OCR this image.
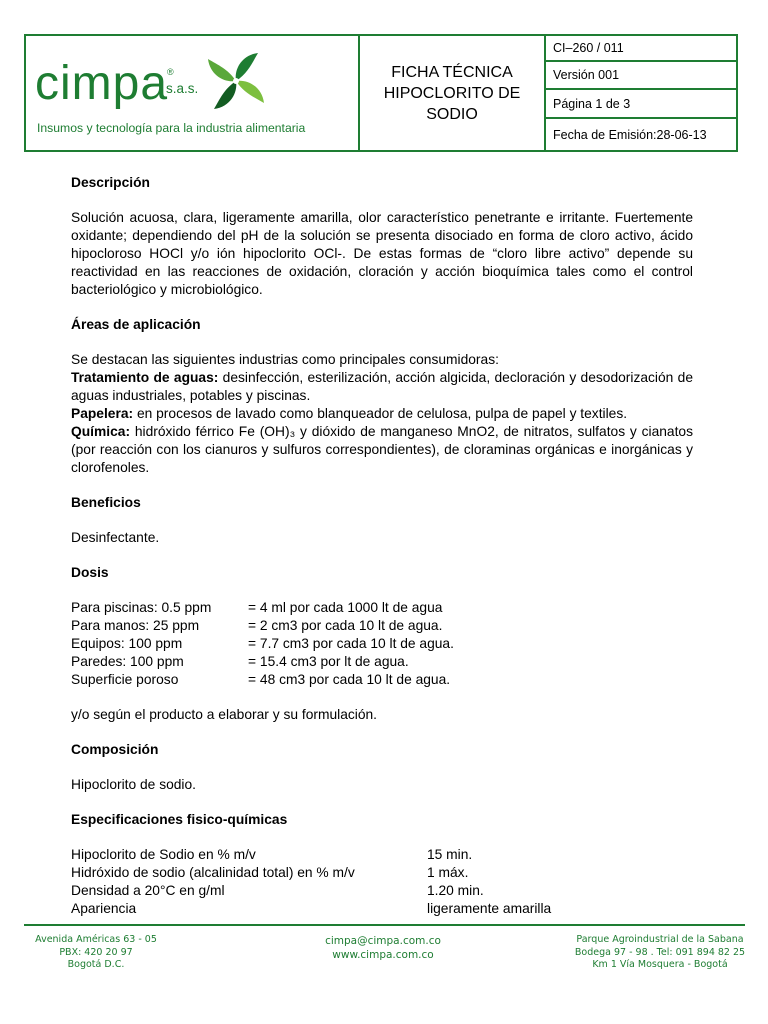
cimpa
®
s.a.s.
Insumos y tecnología para la industria alimentaria
FICHA TÉCNICA
HIPOCLORITO DE
SODIO
CI–260 / 011
Versión 001
Página 1 de 3
Fecha de Emisión:28-06-13

Descripción

Solución acuosa, clara, ligeramente amarilla, olor característico penetrante e irritante. Fuertemente oxidante; dependiendo del pH de la solución se presenta disociado en forma de cloro activo, ácido hipocloroso HOCl y/o ión hipoclorito OCl-. De estas formas de “cloro libre activo” depende su reactividad en las reacciones de oxidación, cloración y acción bioquímica tales como el control bacteriológico y microbiológico.

Áreas de aplicación

Se destacan las siguientes industrias como principales consumidoras:

Tratamiento de aguas: desinfección, esterilización, acción algicida, decloración y desodorización de aguas industriales, potables y piscinas.

Papelera: en procesos de lavado como blanqueador de celulosa, pulpa de papel y textiles.

Química: hidróxido férrico Fe (OH)₃ y dióxido de manganeso MnO2, de nitratos, sulfatos y cianatos (por reacción con los cianuros y sulfuros correspondientes), de cloraminas orgánicas e inorgánicas y clorofenoles.

Beneficios

Desinfectante.

Dosis

Para piscinas: 0.5 ppm	= 4 ml por cada 1000 lt de agua
Para manos: 25 ppm	= 2 cm3 por cada 10 lt de agua.
Equipos: 100 ppm	= 7.7 cm3 por cada 10 lt de agua.
Paredes: 100 ppm	= 15.4 cm3 por lt de agua.
Superficie poroso	= 48 cm3 por cada 10 lt de agua.

y/o según el producto a elaborar y su formulación.

Composición

Hipoclorito de sodio.

Especificaciones fisico-químicas

Hipoclorito de Sodio en % m/v	15 min.
Hidróxido de sodio (alcalinidad total) en % m/v	1 máx.
Densidad a 20°C en g/ml	1.20 min.
Apariencia	ligeramente amarilla
Avenida Américas 63 - 05
PBX: 420 20 97
Bogotá D.C.
cimpa@cimpa.com.co
www.cimpa.com.co
Parque Agroindustrial de la Sabana
Bodega 97 - 98 . Tel: 091 894 82 25
Km 1 Vía Mosquera - Bogotá
